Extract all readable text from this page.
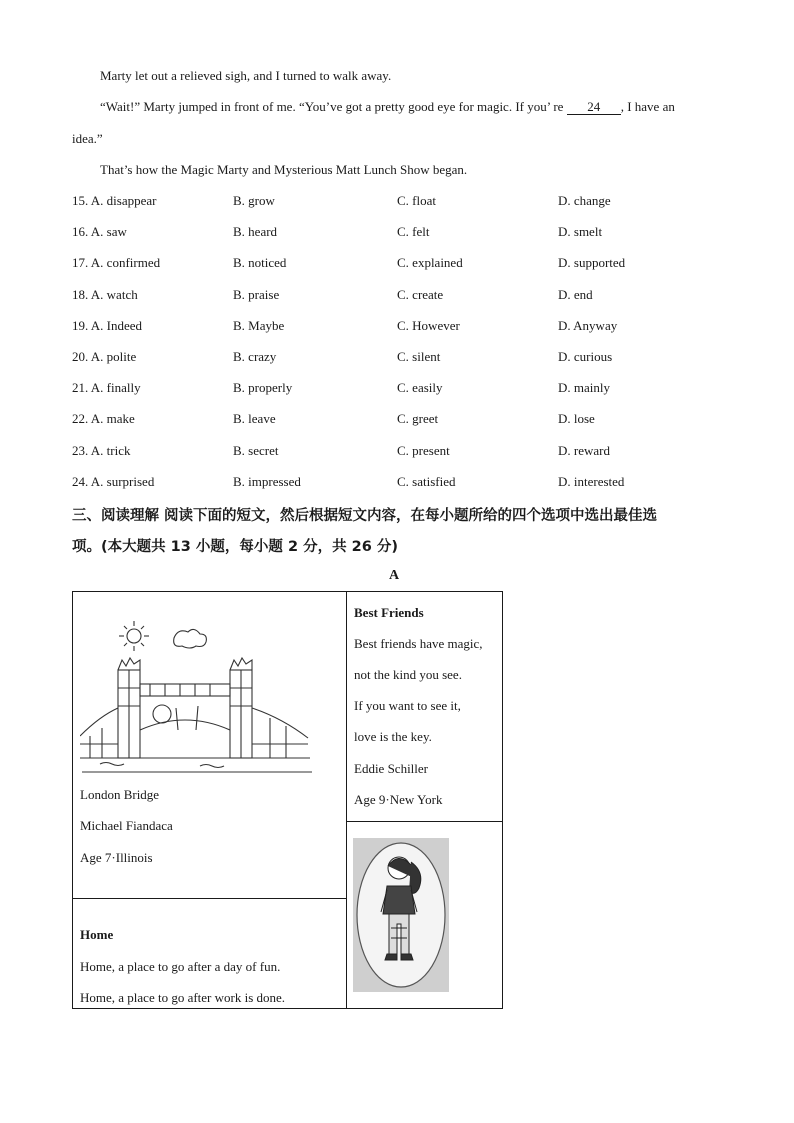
Marty let out a relieved sigh, and I turned to walk away.
“Wait!” Marty jumped in front of me. “You’ve got a pretty good eye for magic. If you’ re 24 , I have an
idea.”
That’s how the Magic Marty and Mysterious Matt Lunch Show began.
15. A. disappear	B. grow	C. float	D. change
16. A. saw	B. heard	C. felt	D. smelt
17. A. confirmed	B. noticed	C. explained	D. supported
18. A. watch	B. praise	C. create	D. end
19. A. Indeed	B. Maybe	C. However	D. Anyway
20. A. polite	B. crazy	C. silent	D. curious
21. A. finally	B. properly	C. easily	D. mainly
22. A. make	B. leave	C. greet	D. lose
23. A. trick	B. secret	C. present	D. reward
24. A. surprised	B. impressed	C. satisfied	D. interested
三、阅读理解 阅读下面的短文，然后根据短文内容，在每小题所给的四个选项中选出最佳选
项。(本大题共 13 小题，每小题 2 分，共 26 分)
A
London Bridge
Michael Fiandaca
Age 7·Illinois
Best Friends
Best friends have magic,
not the kind you see.
If you want to see it,
love is the key.
Eddie Schiller
Age 9·New York
Home
Home, a place to go after a day of fun.
Home, a place to go after work is done.
